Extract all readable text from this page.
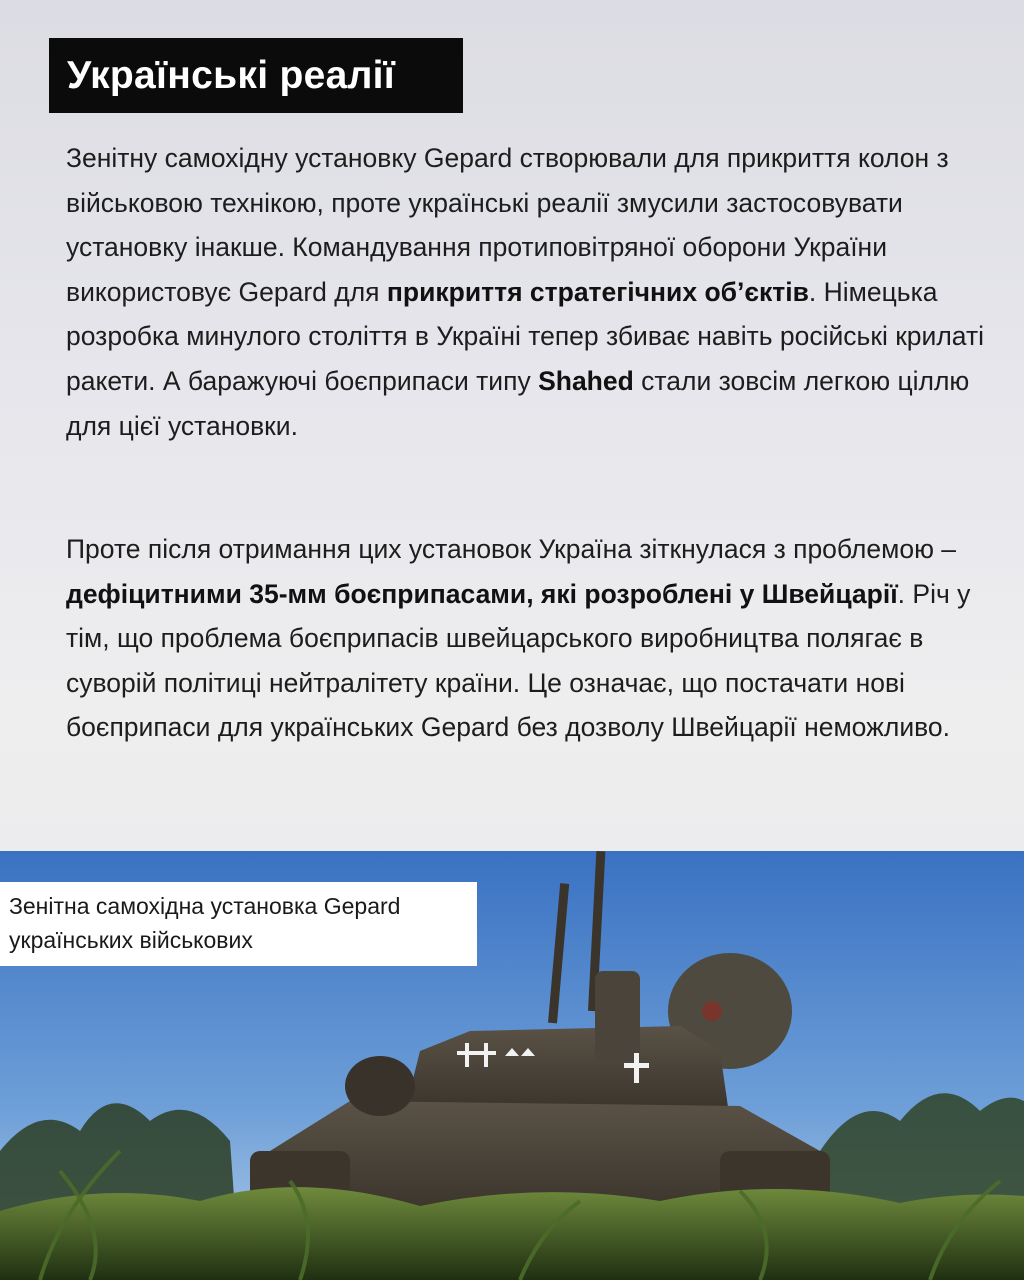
Українські реалії
Зенітну самохідну установку Gepard створювали для прикриття колон з військовою технікою, проте українські реалії змусили застосовувати установку інакше. Командування протиповітряної оборони України використовує Gepard для прикриття стратегічних об’єктів. Німецька розробка минулого століття в Україні тепер збиває навіть російські крилаті ракети. А баражуючі боєприпаси типу Shahed стали зовсім легкою ціллю для цієї установки.
Проте після отримання цих установок Україна зіткнулася з проблемою – дефіцитними 35-мм боєприпасами, які розроблені у Швейцарії. Річ у тім, що проблема боєприпасів швейцарського виробництва полягає в суворій політиці нейтралітету країни. Це означає, що постачати нові боєприпаси для українських Gepard без дозволу Швейцарії неможливо.
Зенітна самохідна установка Gepard
українських військових
